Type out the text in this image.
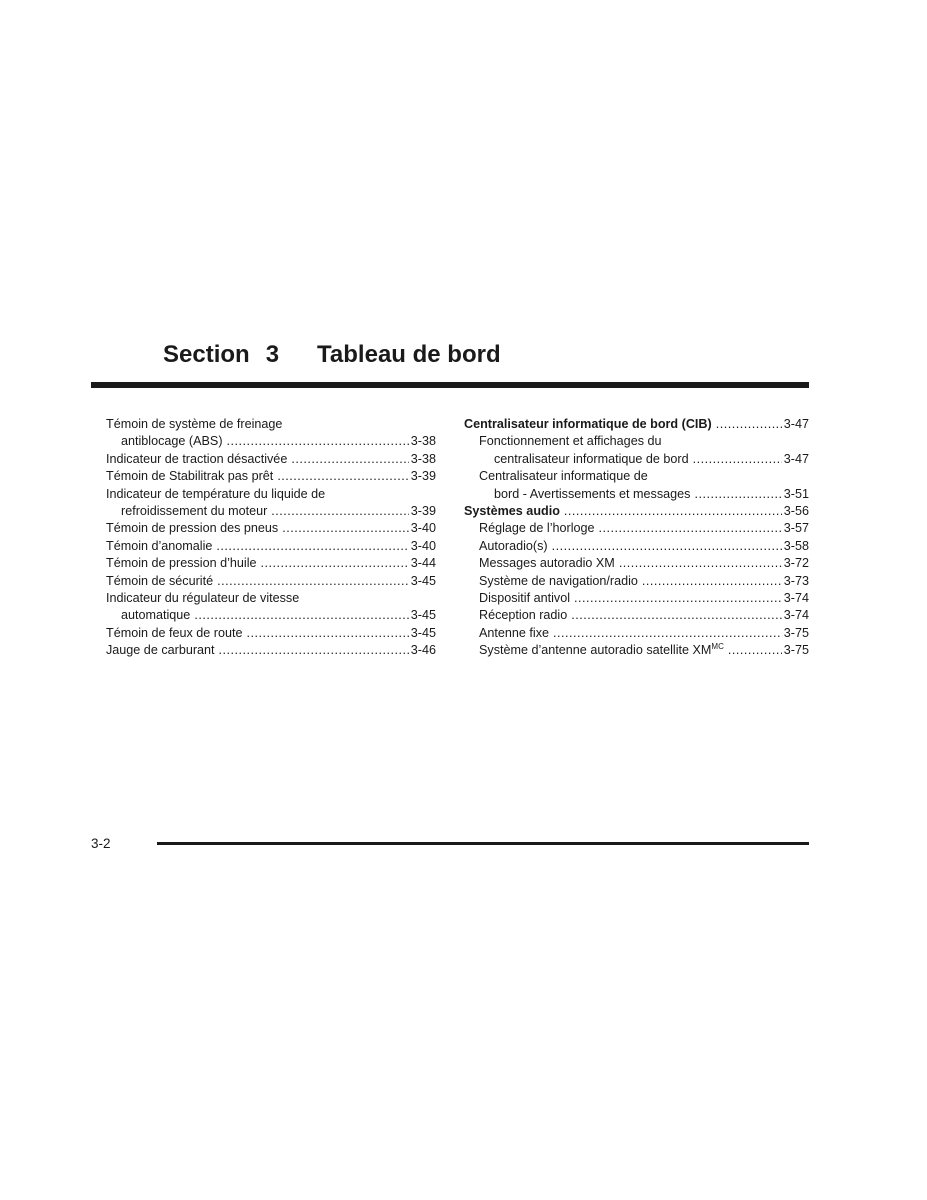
Section 3 Tableau de bord
Témoin de système de freinage
antiblocage (ABS) .....	3-38
Indicateur de traction désactivée .....	3-38
Témoin de Stabilitrak pas prêt .....	3-39
Indicateur de température du liquide de
refroidissement du moteur .....	3-39
Témoin de pression des pneus .....	3-40
Témoin d’anomalie .....	3-40
Témoin de pression d’huile .....	3-44
Témoin de sécurité .....	3-45
Indicateur du régulateur de vitesse
automatique .....	3-45
Témoin de feux de route .....	3-45
Jauge de carburant .....	3-46
Centralisateur informatique de bord (CIB) .....	3-47
Fonctionnement et affichages du
centralisateur informatique de bord .....	3-47
Centralisateur informatique de
bord - Avertissements et messages .....	3-51
Systèmes audio .....	3-56
Réglage de l’horloge .....	3-57
Autoradio(s) .....	3-58
Messages autoradio XM .....	3-72
Système de navigation/radio .....	3-73
Dispositif antivol .....	3-74
Réception radio .....	3-74
Antenne fixe .....	3-75
Système d’antenne autoradio satellite $XM^{MC}$ .....	3-75
3-2
